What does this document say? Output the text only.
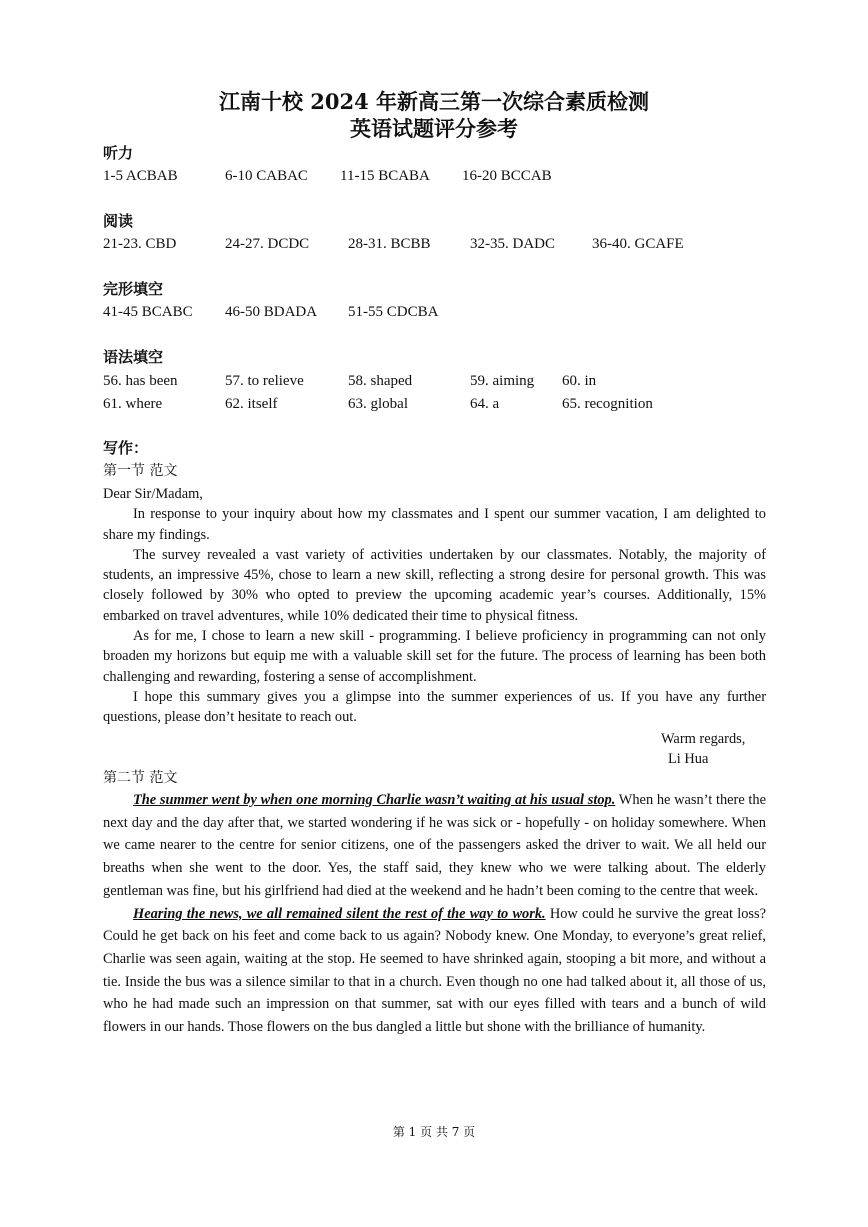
江南十校 2024 年新高三第一次综合素质检测
英语试题评分参考
听力
1-5 ACBAB	6-10 CABAC 11-15 BCABA 16-20 BCCAB
阅读
21-23. CBD	24-27. DCDC	28-31. BCBB	32-35. DADC 36-40. GCAFE
完形填空
41-45 BCABC 46-50 BDADA 51-55 CDCBA
语法填空
56. has been	57. to relieve	58. shaped	59. aiming 60. in
61. where	62. itself	63. global	64. a	65. recognition
写作：
第一节 范文

Dear Sir/Madam,

In response to your inquiry about how my classmates and I spent our summer vacation, I am delighted to share my findings.

The survey revealed a vast variety of activities undertaken by our classmates. Notably, the majority of students, an impressive 45%, chose to learn a new skill, reflecting a strong desire for personal growth. This was closely followed by 30% who opted to preview the upcoming academic year’s courses. Additionally, 15% embarked on travel adventures, while 10% dedicated their time to physical fitness.

As for me, I chose to learn a new skill - programming. I believe proficiency in programming can not only broaden my horizons but equip me with a valuable skill set for the future. The process of learning has been both challenging and rewarding, fostering a sense of accomplishment.

I hope this summary gives you a glimpse into the summer experiences of us. If you have any further questions, please don’t hesitate to reach out.

Warm regards,
Li Hua
第二节 范文

The summer went by when one morning Charlie wasn’t waiting at his usual stop. When he wasn’t there the next day and the day after that, we started wondering if he was sick or - hopefully - on holiday somewhere. When we came nearer to the centre for senior citizens, one of the passengers asked the driver to wait. We all held our breaths when she went to the door. Yes, the staff said, they knew who we were talking about. The elderly gentleman was fine, but his girlfriend had died at the weekend and he hadn’t been coming to the centre that week.

Hearing the news, we all remained silent the rest of the way to work. How could he survive the great loss? Could he get back on his feet and come back to us again? Nobody knew. One Monday, to everyone’s great relief, Charlie was seen again, waiting at the stop. He seemed to have shrinked again, stooping a bit more, and without a tie. Inside the bus was a silence similar to that in a church. Even though no one had talked about it, all those of us, who he had made such an impression on that summer, sat with our eyes filled with tears and a bunch of wild flowers in our hands. Those flowers on the bus dangled a little but shone with the brilliance of humanity.

第 1 页 共 7 页
